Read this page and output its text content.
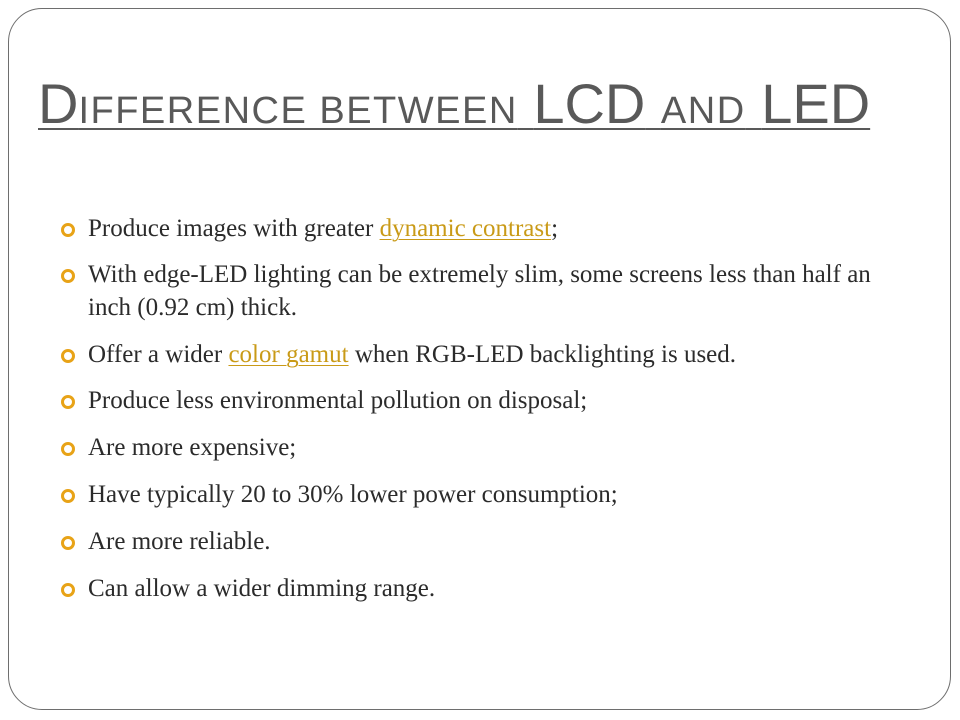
DIFFERENCE BETWEEN LCD AND LED
Produce images with greater dynamic contrast;
With edge-LED lighting can be extremely slim, some screens less than half an inch (0.92 cm) thick.
Offer a wider color gamut when RGB-LED backlighting is used.
Produce less environmental pollution on disposal;
Are more expensive;
Have typically 20 to 30% lower power consumption;
Are more reliable.
Can allow a wider dimming range.
